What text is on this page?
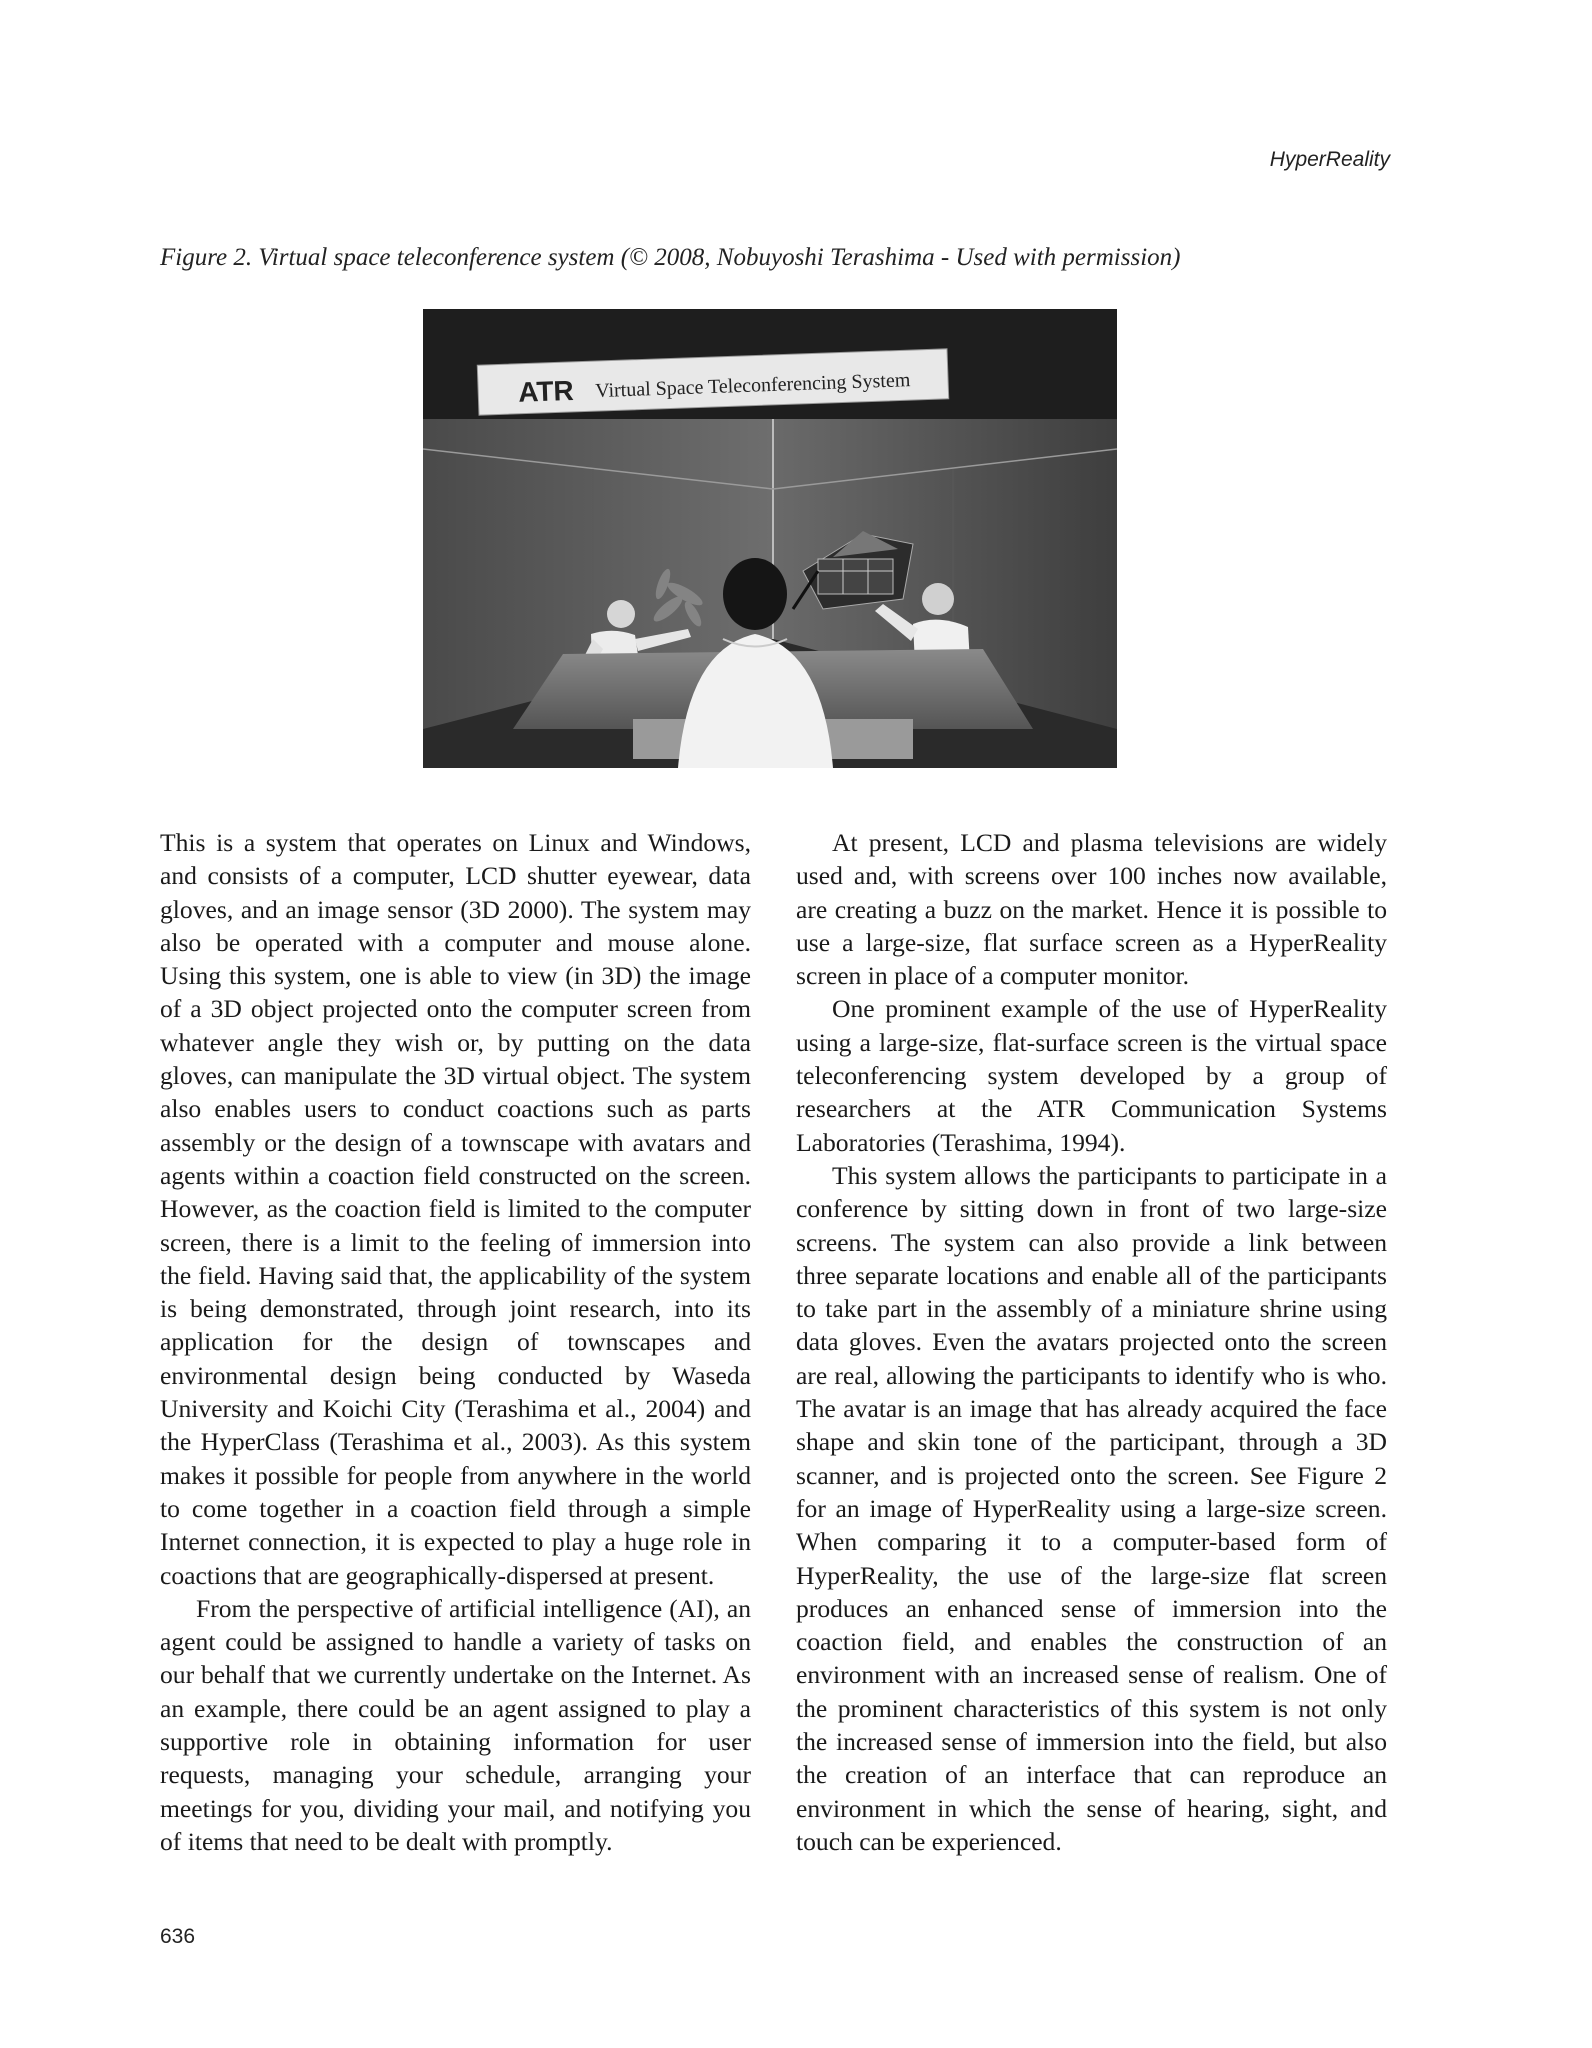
HyperReality
Figure 2. Virtual space teleconference system (© 2008, Nobuyoshi Terashima - Used with permission)
ATR Virtual Space Teleconferencing System

This is a system that operates on Linux and Windows, and consists of a computer, LCD shutter eyewear, data gloves, and an image sensor (3D 2000). The system may also be operated with a computer and mouse alone. Using this system, one is able to view (in 3D) the image of a 3D object projected onto the computer screen from whatever angle they wish or, by putting on the data gloves, can manipulate the 3D virtual object. The system also enables users to conduct coactions such as parts assembly or the design of a townscape with avatars and agents within a coaction field constructed on the screen. However, as the coaction field is limited to the computer screen, there is a limit to the feeling of immersion into the field. Having said that, the applicability of the system is being demonstrated, through joint research, into its application for the design of townscapes and environmental design being conducted by Waseda University and Koichi City (Terashima et al., 2004) and the HyperClass (Terashima et al., 2003). As this system makes it possible for people from anywhere in the world to come together in a coaction field through a simple Internet connection, it is expected to play a huge role in coactions that are geographically-dispersed at present.

From the perspective of artificial intelligence (AI), an agent could be assigned to handle a variety of tasks on our behalf that we currently undertake on the Internet. As an example, there could be an agent assigned to play a supportive role in obtaining information for user requests, managing your schedule, arranging your meetings for you, dividing your mail, and notifying you of items that need to be dealt with promptly.

At present, LCD and plasma televisions are widely used and, with screens over 100 inches now available, are creating a buzz on the market. Hence it is possible to use a large-size, flat surface screen as a HyperReality screen in place of a computer monitor.

One prominent example of the use of HyperReality using a large-size, flat-surface screen is the virtual space teleconferencing system developed by a group of researchers at the ATR Communication Systems Laboratories (Terashima, 1994).

This system allows the participants to participate in a conference by sitting down in front of two large-size screens. The system can also provide a link between three separate locations and enable all of the participants to take part in the assembly of a miniature shrine using data gloves. Even the avatars projected onto the screen are real, allowing the participants to identify who is who. The avatar is an image that has already acquired the face shape and skin tone of the participant, through a 3D scanner, and is projected onto the screen. See Figure 2 for an image of HyperReality using a large-size screen. When comparing it to a computer-based form of HyperReality, the use of the large-size flat screen produces an enhanced sense of immersion into the coaction field, and enables the construction of an environment with an increased sense of realism. One of the prominent characteristics of this system is not only the increased sense of immersion into the field, but also the creation of an interface that can reproduce an environment in which the sense of hearing, sight, and touch can be experienced.

636
